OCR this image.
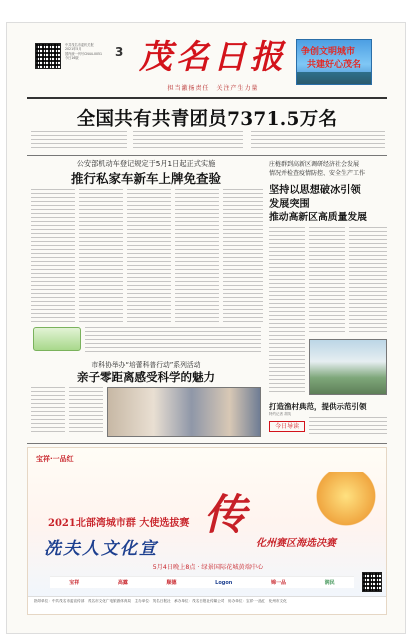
中共茂名市委机关报
2021年5月
国内统一刊号CN44-0051
今日16版	3 茂名日报
担当激扬责任　关注产生力量
争创文明城市
共建好心茂名
全国共有共青团员7371.5万名
公安部机动车登记规定于5月1日起正式实施
推行私家车新车上牌免查验
市科协举办“培蕾科普行动”系列活动
亲子零距离感受科学的魅力
庄梿群到高新区调研经济社会发展
情况并检查疫情防控、安全生产工作
坚持以思想破冰引领
发展突围
推动高新区高质量发展
打造渔村典范，提供示范引领
特约记者 胡英
今日导读
宝祥·一品红
2021北部湾城市群 大使选拔赛 传
冼夫人文化宣	化州赛区海选决赛
5月4日晚上8点 · 绿景国际花城黄端中心
宝祥	高露	顺德	Logon	锦一品	润民
指导单位：中共茂名市委宣传部　茂名市文化广电旅游体育局　主办单位：茂名日报社　承办单位：茂名日报社传媒公司　协办单位：宝祥·一品红　化州市文化
